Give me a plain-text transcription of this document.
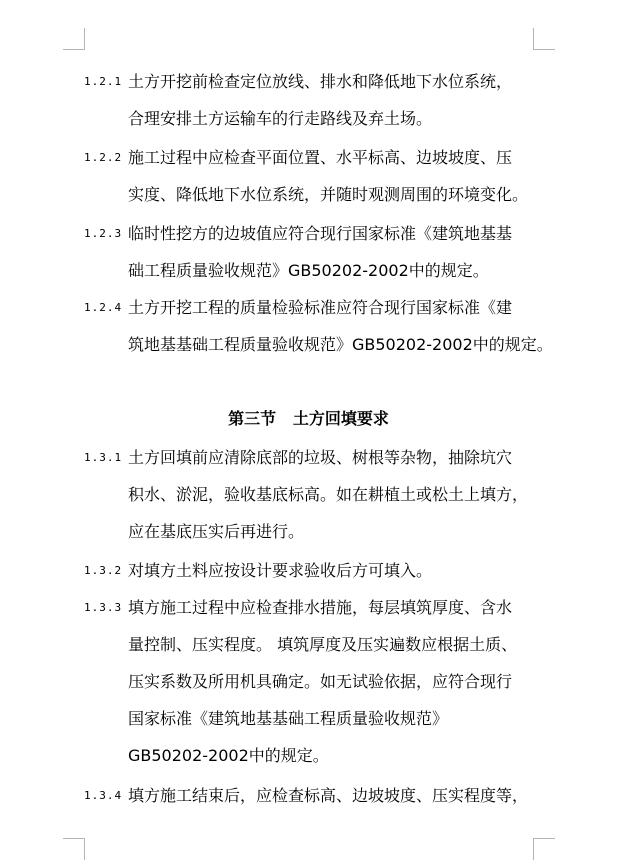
1.2.1 土方开挖前检查定位放线、排水和降低地下水位系统，
合理安排土方运输车的行走路线及弃土场。
1.2.2 施工过程中应检查平面位置、水平标高、边坡坡度、压
实度、降低地下水位系统，并随时观测周围的环境变化。
1.2.3 临时性挖方的边坡值应符合现行国家标准《建筑地基基
础工程质量验收规范》GB50202-2002中的规定。
1.2.4 土方开挖工程的质量检验标准应符合现行国家标准《建
筑地基基础工程质量验收规范》GB50202-2002中的规定。
第三节   土方回填要求
1.3.1 土方回填前应清除底部的垃圾、树根等杂物，抽除坑穴
积水、淤泥，验收基底标高。如在耕植土或松土上填方，
应在基底压实后再进行。
1.3.2 对填方土料应按设计要求验收后方可填入。
1.3.3 填方施工过程中应检查排水措施，每层填筑厚度、含水
量控制、压实程度。 填筑厚度及压实遍数应根据土质、
压实系数及所用机具确定。如无试验依据，应符合现行
国家标准《建筑地基基础工程质量验收规范》
GB50202-2002中的规定。
1.3.4 填方施工结束后，应检查标高、边坡坡度、压实程度等，
